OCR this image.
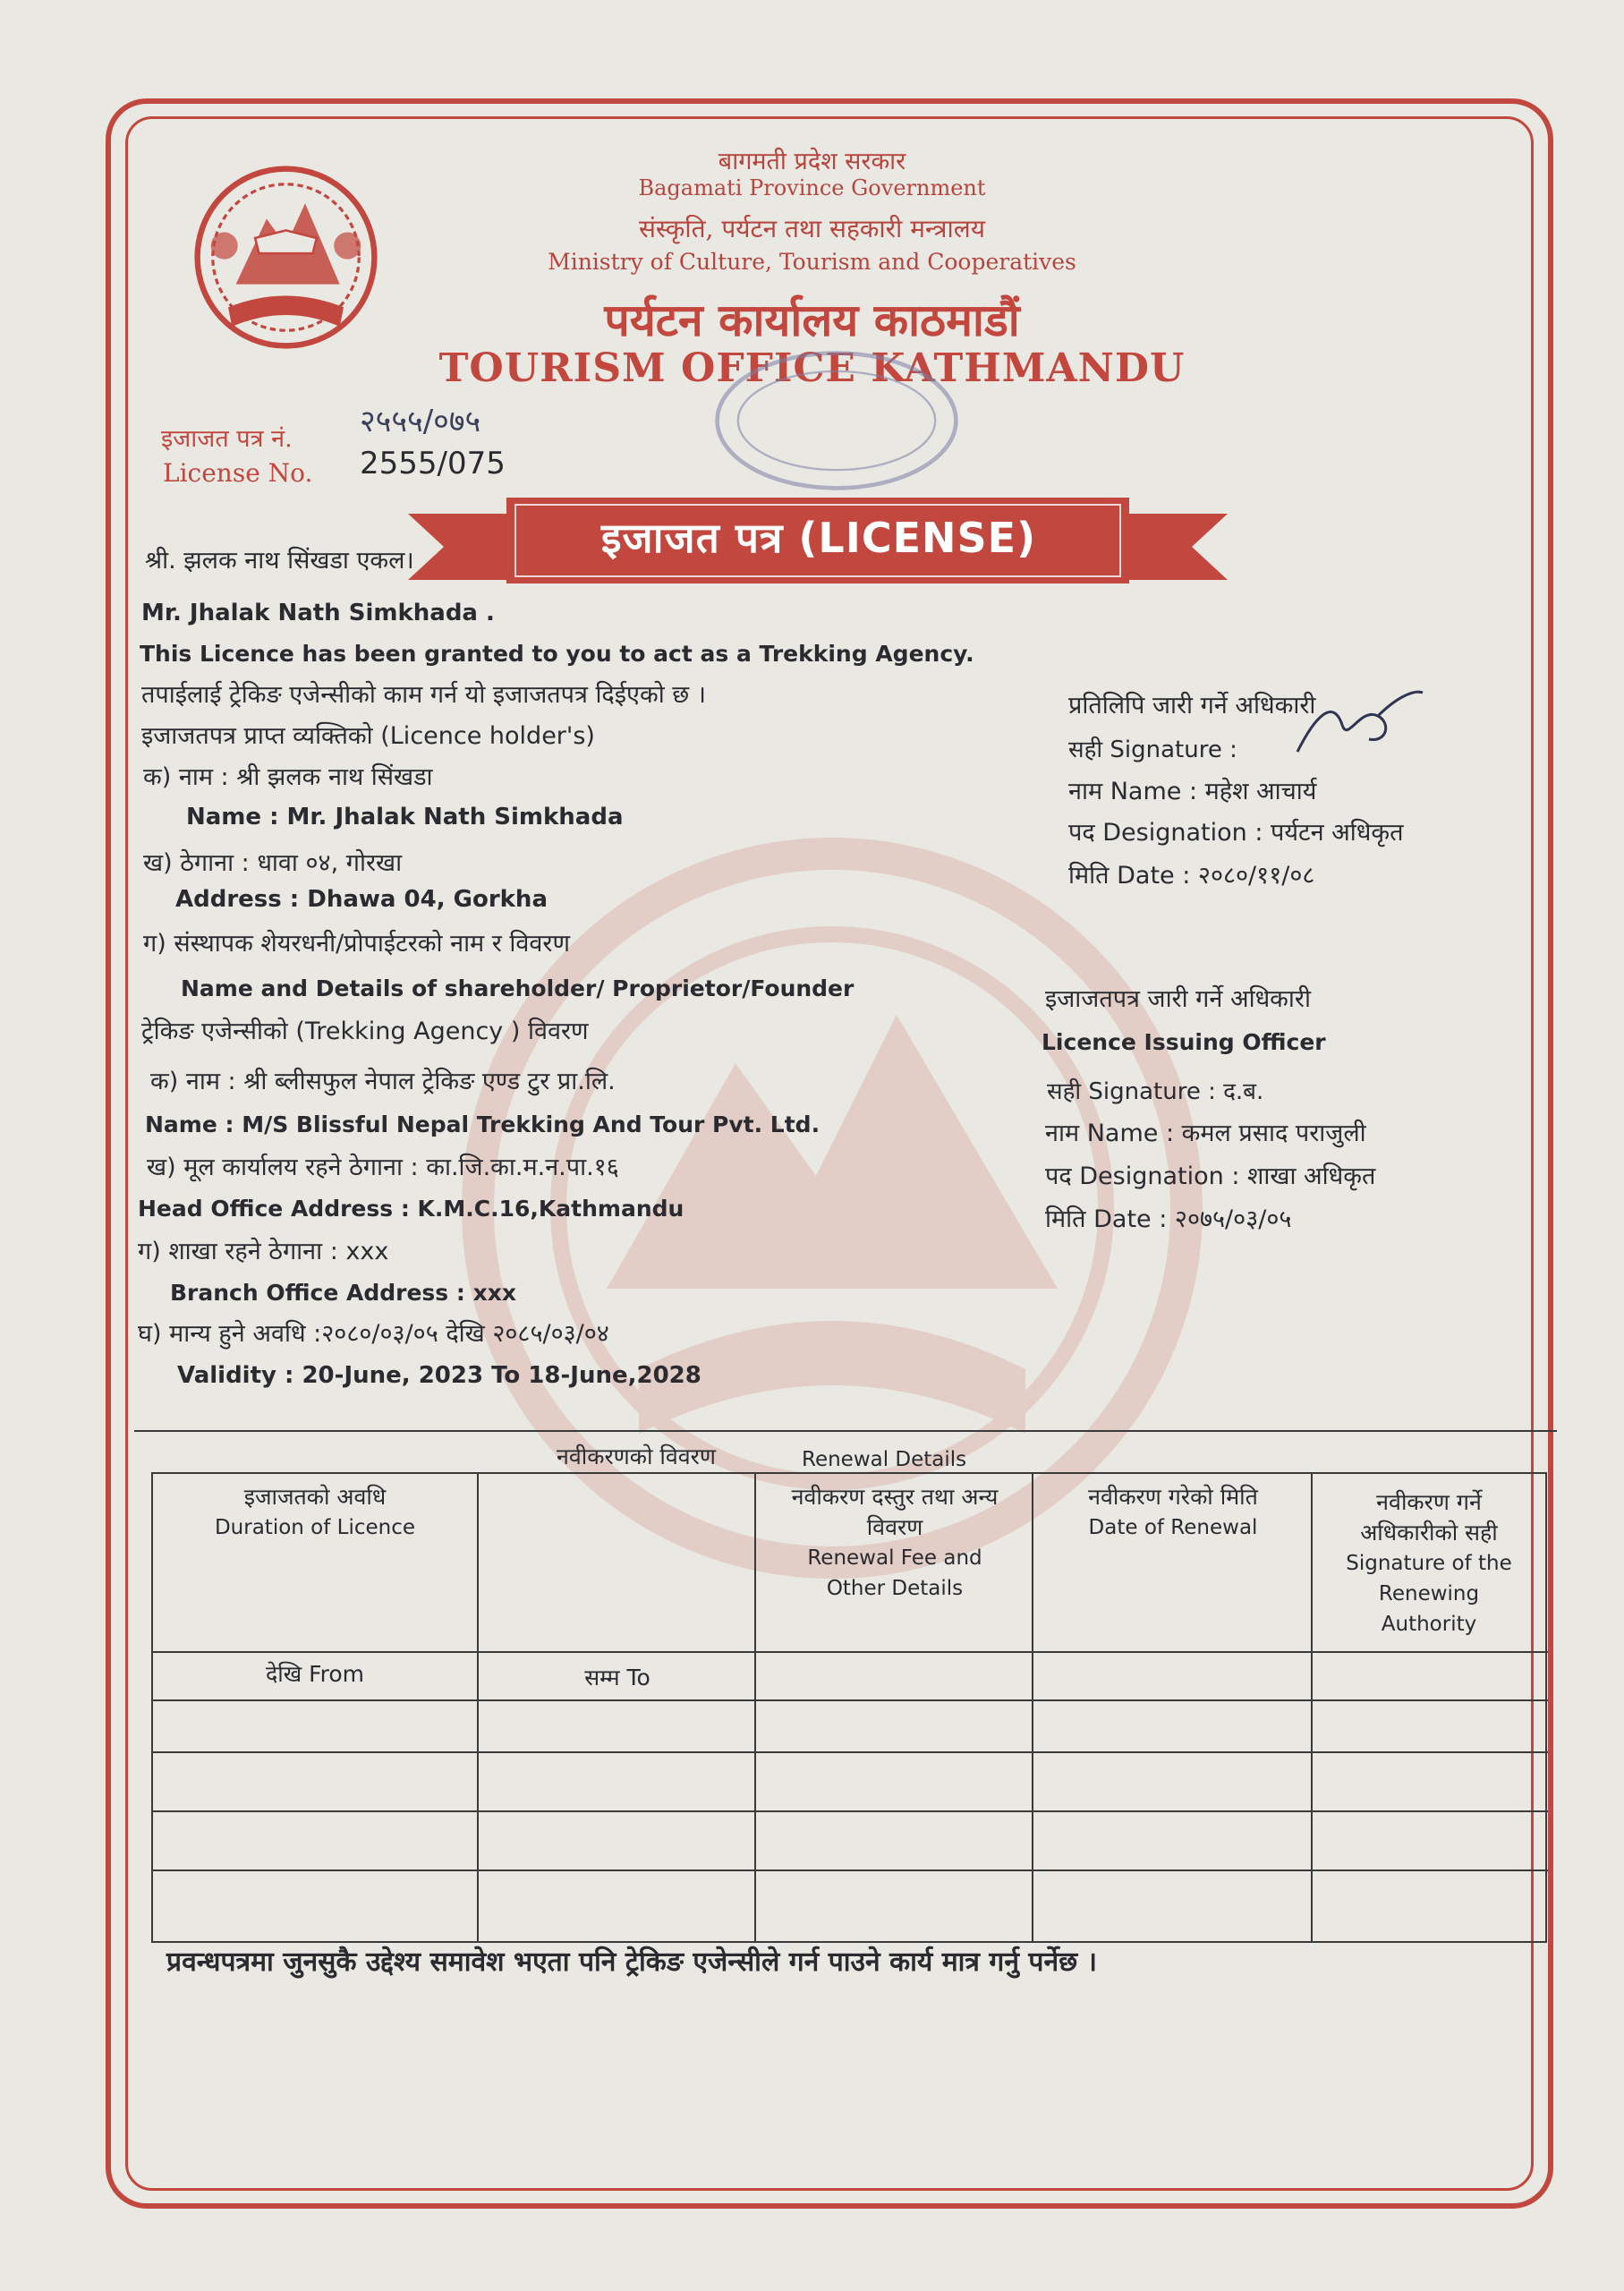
बागमती प्रदेश सरकार
Bagamati Province Government
संस्कृति, पर्यटन तथा सहकारी मन्त्रालय
Ministry of Culture, Tourism and Cooperatives
पर्यटन कार्यालय काठमाडौं
TOURISM OFFICE KATHMANDU
इजाजत पत्र नं.
License No.
२५५५/०७५
2555/075
इजाजत पत्र (LICENSE)
श्री. झलक नाथ सिंखडा एकल।
Mr. Jhalak Nath Simkhada .
This Licence has been granted to you to act as a Trekking Agency.
तपाईलाई ट्रेकिङ एजेन्सीको काम गर्न यो इजाजतपत्र दिईएको छ ।
इजाजतपत्र प्राप्त व्यक्तिको (Licence holder's)
क) नाम : श्री झलक नाथ सिंखडा
Name : Mr. Jhalak Nath Simkhada
ख) ठेगाना : धावा ०४, गोरखा
Address : Dhawa 04, Gorkha
ग) संस्थापक शेयरधनी/प्रोपाईटरको नाम र विवरण
Name and Details of shareholder/ Proprietor/Founder
ट्रेकिङ एजेन्सीको (Trekking Agency ) विवरण
क) नाम : श्री ब्लीसफुल नेपाल ट्रेकिङ एण्ड टुर प्रा.लि.
Name : M/S Blissful Nepal Trekking And Tour Pvt. Ltd.
ख) मूल कार्यालय रहने ठेगाना : का.जि.का.म.न.पा.१६
Head Office Address : K.M.C.16,Kathmandu
ग) शाखा रहने ठेगाना : xxx
Branch Office Address : xxx
घ) मान्य हुने अवधि :२०८०/०३/०५ देखि २०८५/०३/०४
Validity : 20-June, 2023 To 18-June,2028
प्रतिलिपि जारी गर्ने अधिकारी
सही Signature :
नाम Name : महेश आचार्य
पद Designation : पर्यटन अधिकृत
मिति Date : २०८०/११/०८
इजाजतपत्र जारी गर्ने अधिकारी
Licence Issuing Officer
सही Signature : द.ब.
नाम Name : कमल प्रसाद पराजुली
पद Designation : शाखा अधिकृत
मिति Date : २०७५/०३/०५
नवीकरणको विवरण	Renewal Details
इजाजतको अवधि
Duration of Licence
नवीकरण दस्तुर तथा अन्य विवरण
Renewal Fee and Other Details
नवीकरण गरेको मिति
Date of Renewal
नवीकरण गर्ने अधिकारीको सही
Signature of the Renewing Authority
देखि From	सम्म To
प्रवन्धपत्रमा जुनसुकै उद्देश्य समावेश भएता पनि ट्रेकिङ एजेन्सीले गर्न पाउने कार्य मात्र गर्नु पर्नेछ ।
